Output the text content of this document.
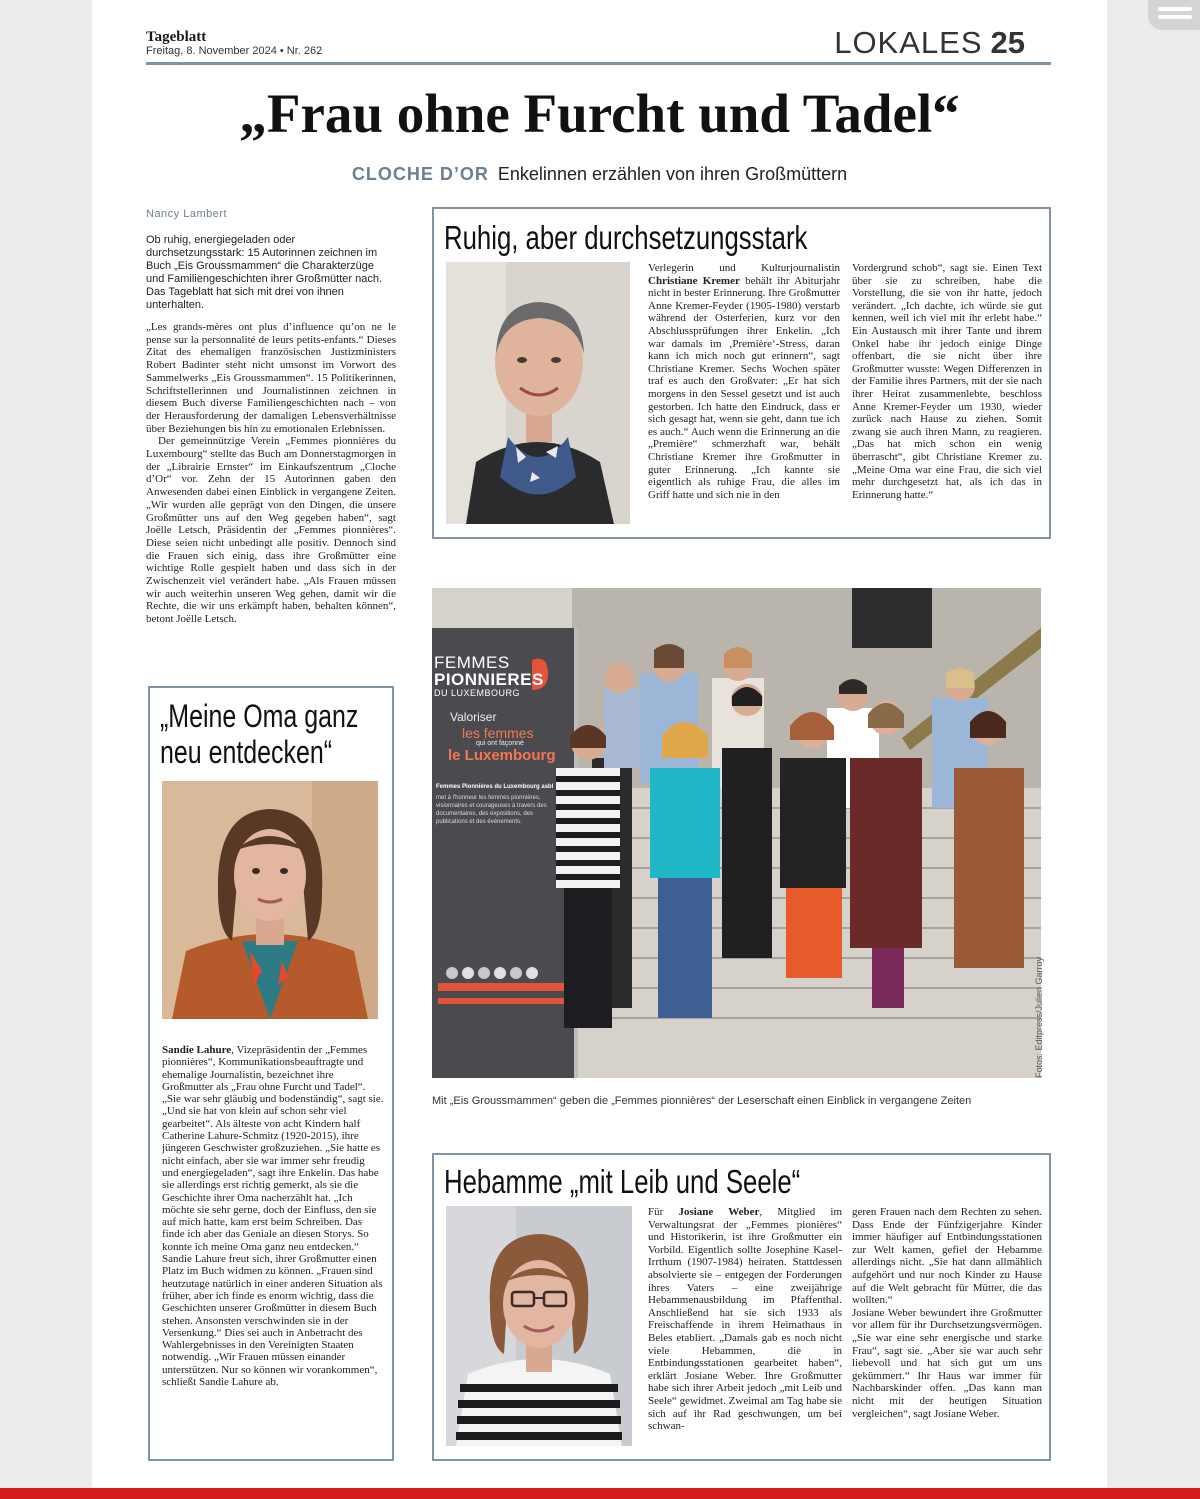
Tageblatt
Freitag, 8. November 2024 • Nr. 262	LOKALES 25
„Frau ohne Furcht und Tadel“
CLOCHE D’OR Enkelinnen erzählen von ihren Großmüttern
Nancy Lambert
Ob ruhig, energiegeladen oder durchsetzungsstark: 15 Autorinnen zeichnen im Buch „Eis Groussmammen“ die Charakterzüge und Familiengeschichten ihrer Großmütter nach. Das Tageblatt hat sich mit drei von ihnen unterhalten.

„Les grands-mères ont plus d’influence qu’on ne le pense sur la personnalité de leurs petits-enfants.“ Dieses Zitat des ehemaligen französischen Justizministers Robert Badinter steht nicht umsonst im Vorwort des Sammelwerks „Eis Groussmammen“. 15 Politikerinnen, Schriftstellerinnen und Journalistinnen zeichnen in diesem Buch diverse Familiengeschichten nach – von der Herausforderung der damaligen Lebensverhältnisse über Beziehungen bis hin zu emotionalen Erlebnissen.

Der gemeinnützige Verein „Femmes pionnières du Luxembourg“ stellte das Buch am Donnerstagmorgen in der „Librairie Ernster“ im Einkaufszentrum „Cloche d’Or“ vor. Zehn der 15 Autorinnen gaben den Anwesenden dabei einen Einblick in vergangene Zeiten. „Wir wurden alle geprägt von den Dingen, die unsere Großmütter uns auf den Weg gegeben haben“, sagt Joëlle Letsch, Präsidentin der „Femmes pionnières“. Diese seien nicht unbedingt alle positiv. Dennoch sind die Frauen sich einig, dass ihre Großmütter eine wichtige Rolle gespielt haben und dass sich in der Zwischenzeit viel verändert habe. „Als Frauen müssen wir auch weiterhin unseren Weg gehen, damit wir die Rechte, die wir uns erkämpft haben, behalten können“, betont Joëlle Letsch.

Ruhig, aber durchsetzungsstark
Verlegerin und Kulturjournalistin Christiane Kremer behält ihr Abiturjahr nicht in bester Erinnerung. Ihre Großmutter Anne Kremer-Feyder (1905-1980) verstarb während der Osterferien, kurz vor den Abschlussprüfungen ihrer Enkelin. „Ich war damals im ‚Première‘-Stress, daran kann ich mich noch gut erinnern“, sagt Christiane Kremer. Sechs Wochen später traf es auch den Großvater: „Er hat sich morgens in den Sessel gesetzt und ist auch gestorben. Ich hatte den Eindruck, dass er sich gesagt hat, wenn sie geht, dann tue ich es auch.“ Auch wenn die Erinnerung an die „Première“ schmerzhaft war, behält Christiane Kremer ihre Großmutter in guter Erinnerung. „Ich kannte sie eigentlich als ruhige Frau, die alles im Griff hatte und sich nie in den
Vordergrund schob“, sagt sie. Einen Text über sie zu schreiben, habe die Vorstellung, die sie von ihr hatte, jedoch verändert. „Ich dachte, ich würde sie gut kennen, weil ich viel mit ihr erlebt habe.“ Ein Austausch mit ihrer Tante und ihrem Onkel habe ihr jedoch einige Dinge offenbart, die sie nicht über ihre Großmutter wusste: Wegen Differenzen in der Familie ihres Partners, mit der sie nach ihrer Heirat zusammenlebte, beschloss Anne Kremer-Feyder um 1930, wieder zurück nach Hause zu ziehen. Somit zwang sie auch ihren Mann, zu reagieren. „Das hat mich schon ein wenig überrascht“, gibt Christiane Kremer zu. „Meine Oma war eine Frau, die sich viel mehr durchgesetzt hat, als ich das in Erinnerung hatte.“
FEMMES
PIONNIERES
DU LUXEMBOURG
Valoriser
les femmes
qui ont façonné
le Luxembourg
Femmes Pionnières du Luxembourg asbl
met à l'honneur les femmes pionnières, visionnaires et courageuses à travers des documentaires, des expositions, des publications et des événements.
Fotos: Editpress/Julien Garroy
Mit „Eis Groussmammen“ geben die „Femmes pionnières“ der Leserschaft einen Einblick in vergangene Zeiten
„Meine Oma ganz neu entdecken“

Sandie Lahure, Vizepräsidentin der „Femmes pionnières“, Kommunikationsbeauftragte und ehemalige Journalistin, bezeichnet ihre Großmutter als „Frau ohne Furcht und Tadel“. „Sie war sehr gläubig und bodenständig“, sagt sie. „Und sie hat von klein auf schon sehr viel gearbeitet“. Als älteste von acht Kindern half Catherine Lahure-Schmitz (1920-2015), ihre jüngeren Geschwister großzuziehen. „Sie hatte es nicht einfach, aber sie war immer sehr freudig und energiegeladen“, sagt ihre Enkelin. Das habe sie allerdings erst richtig gemerkt, als sie die Geschichte ihrer Oma nacherzählt hat. „Ich möchte sie sehr gerne, doch der Einfluss, den sie auf mich hatte, kam erst beim Schreiben. Das finde ich aber das Geniale an diesen Storys. So konnte ich meine Oma ganz neu entdecken.“

Sandie Lahure freut sich, ihrer Großmutter einen Platz im Buch widmen zu können. „Frauen sind heutzutage natürlich in einer anderen Situation als früher, aber ich finde es enorm wichtig, dass die Geschichten unserer Großmütter in diesem Buch stehen. Ansonsten verschwinden sie in der Versenkung.“ Dies sei auch in Anbetracht des Wahlergebnisses in den Vereinigten Staaten notwendig. „Wir Frauen müssen einander unterstützen. Nur so können wir vorankommen“, schließt Sandie Lahure ab.

Hebamme „mit Leib und Seele“
Für Josiane Weber, Mitglied im Verwaltungsrat der „Femmes pionières“ und Historikerin, ist ihre Großmutter ein Vorbild. Eigentlich sollte Josephine Kasel-Irrthum (1907-1984) heiraten. Stattdessen absolvierte sie – entgegen der Forderungen ihres Vaters – eine zweijährige Hebammenausbildung im Pfaffenthal. Anschließend hat sie sich 1933 als Freischaffende in ihrem Heimathaus in Beles etabliert. „Damals gab es noch nicht viele Hebammen, die in Entbindungsstationen gearbeitet haben“, erklärt Josiane Weber. Ihre Großmutter habe sich ihrer Arbeit jedoch „mit Leib und Seele“ gewidmet. Zweimal am Tag habe sie sich auf ihr Rad geschwungen, um bei schwan-

geren Frauen nach dem Rechten zu sehen. Dass Ende der Fünfzigerjahre Kinder immer häufiger auf Entbindungsstationen zur Welt kamen, gefiel der Hebamme allerdings nicht. „Sie hat dann allmählich aufgehört und nur noch Kinder zu Hause auf die Welt gebracht für Mütter, die das wollten.“

Josiane Weber bewundert ihre Großmutter vor allem für ihr Durchsetzungsvermögen. „Sie war eine sehr energische und starke Frau“, sagt sie. „Aber sie war auch sehr liebevoll und hat sich gut um uns gekümmert.“ Ihr Haus war immer für Nachbarskinder offen. „Das kann man nicht mit der heutigen Situation vergleichen“, sagt Josiane Weber.
